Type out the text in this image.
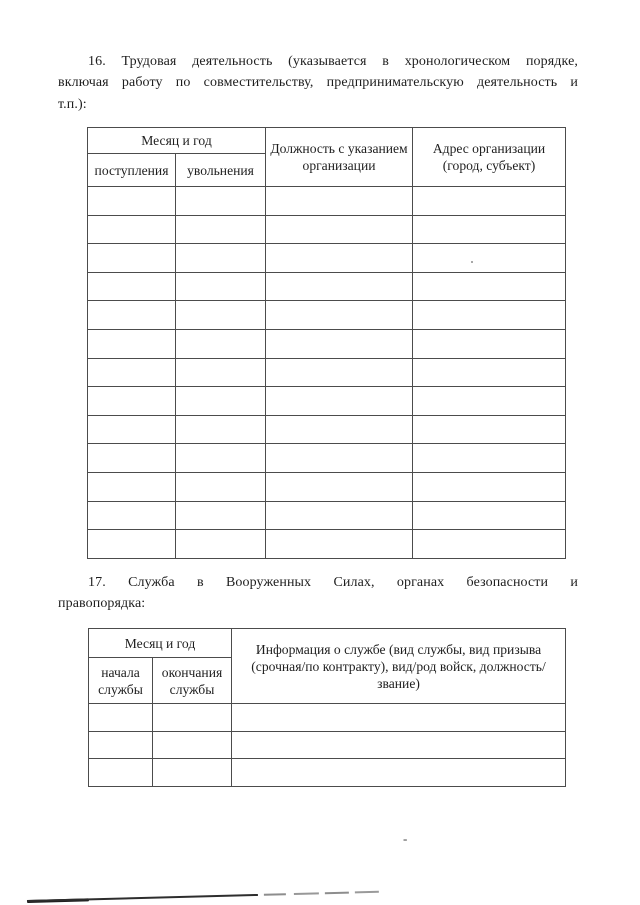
16. Трудовая деятельность (указывается в хронологическом порядке,
включая работу по совместительству, предпринимательскую деятельность и
т.п.):
Месяц и год		Должность с указанием организации	Адрес организации (город, субъект)
поступления	увольнения		

17. Служба в Вооруженных Силах, органах безопасности и
правопорядка:
Месяц и год		Информация о службе (вид службы, вид призыва (срочная/по контракту), вид/род войск, должность/звание)
начала службы	окончания службы	

-
